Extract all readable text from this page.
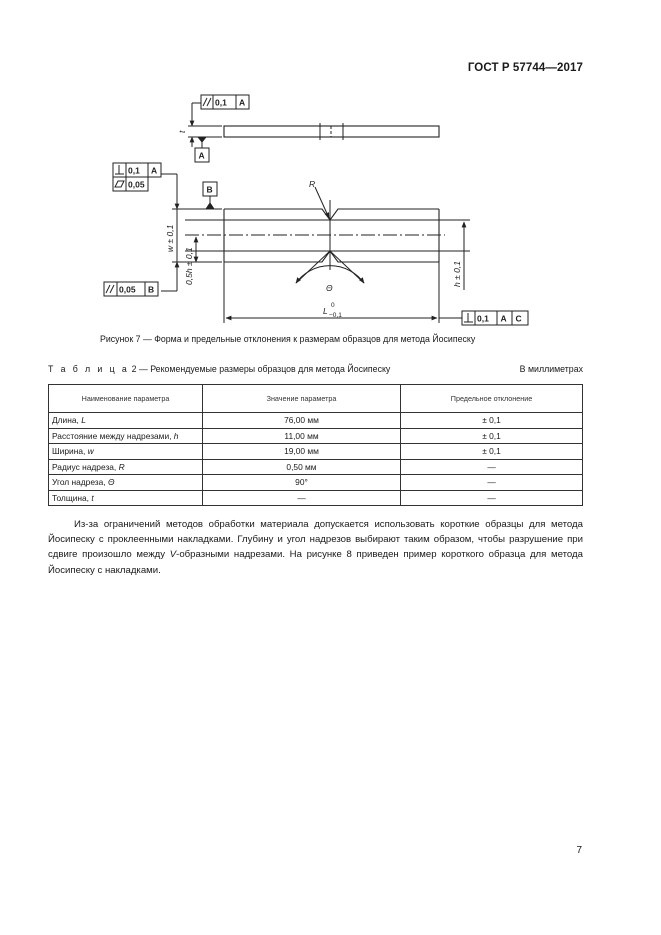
ГОСТ Р 57744—2017
0,1 A
A
0,1 A
0,05	B
0,05 B
0,1 A C
t
w ± 0,1
0,5h ± 0,1	h ± 0,1
R
Θ
L
0
−0,1
Рисунок 7 — Форма и предельные отклонения к размерам образцов для метода Йосипеску
Т а б л и ц а 2 — Рекомендуемые размеры образцов для метода Йосипеску	В миллиметрах
Наименование параметра	Значение параметра	Предельное отклонение
Длина, L	76,00 мм	± 0,1
Расстояние между надрезами, h	11,00 мм	± 0,1
Ширина, w	19,00 мм	± 0,1
Радиус надреза, R	0,50 мм	—
Угол надреза, Θ	90°	—
Толщина, t	—	—

Из-за ограничений методов обработки материала допускается использовать короткие образцы для метода Йосипеску с проклеенными накладками. Глубину и угол надрезов выбирают таким образом, чтобы разрушение при сдвиге произошло между V-образными надрезами. На рисунке 8 приведен пример короткого образца для метода Йосипеску с накладками.

7
